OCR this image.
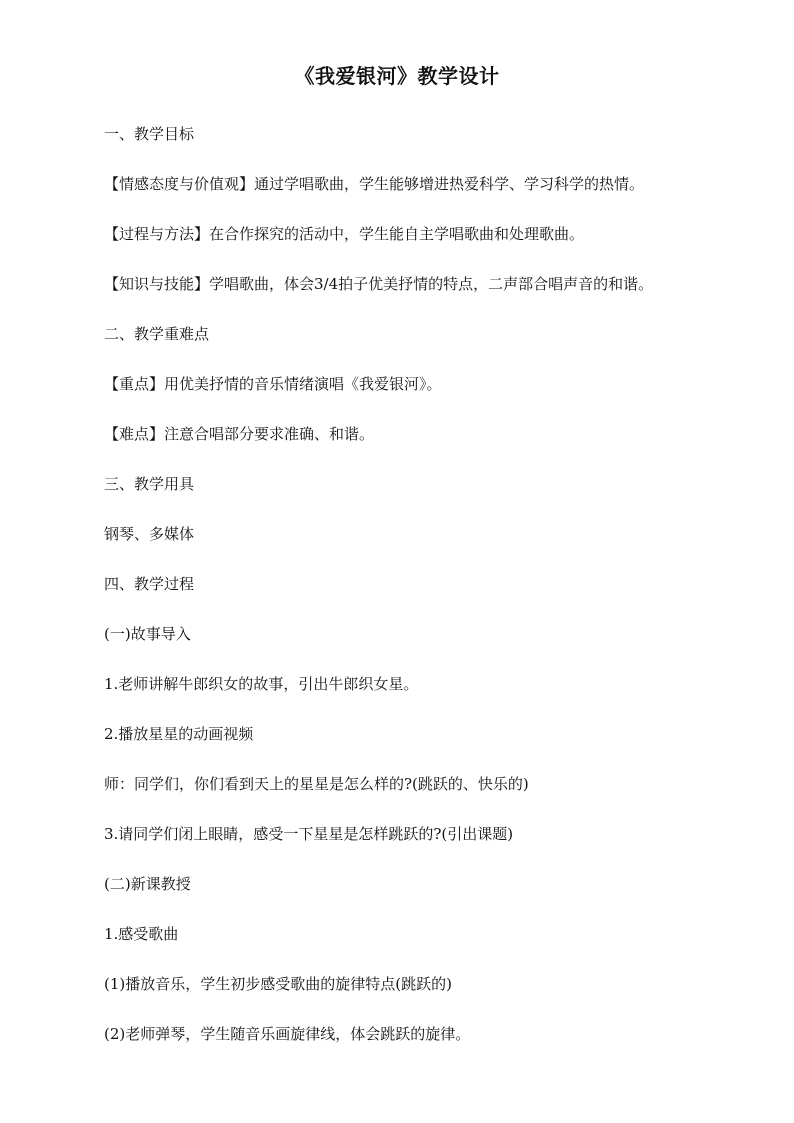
《我爱银河》教学设计
一、教学目标
【情感态度与价值观】通过学唱歌曲，学生能够增进热爱科学、学习科学的热情。
【过程与方法】在合作探究的活动中，学生能自主学唱歌曲和处理歌曲。
【知识与技能】学唱歌曲，体会3/4拍子优美抒情的特点，二声部合唱声音的和谐。
二、教学重难点
【重点】用优美抒情的音乐情绪演唱《我爱银河》。
【难点】注意合唱部分要求准确、和谐。
三、教学用具
钢琴、多媒体
四、教学过程
(一)故事导入
1.老师讲解牛郎织女的故事，引出牛郎织女星。
2.播放星星的动画视频
师：同学们，你们看到天上的星星是怎么样的?(跳跃的、快乐的)
3.请同学们闭上眼睛，感受一下星星是怎样跳跃的?(引出课题)
(二)新课教授
1.感受歌曲
(1)播放音乐，学生初步感受歌曲的旋律特点(跳跃的)
(2)老师弹琴，学生随音乐画旋律线，体会跳跃的旋律。
